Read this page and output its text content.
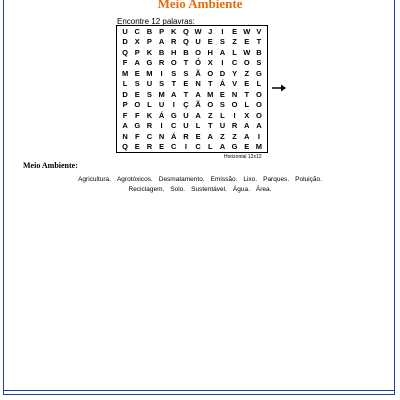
Meio Ambiente
Encontre 12 palavras:
U C B P K Q W J	I	E W V
D X P A R Q U E S Z E T
Q P K B H B O H A L W B
F A G R O T Ó X	I	C O S
M E M	I	S S Ã O D Y Z G
L S U S T E N T Á V E L
D E S M A T A M E N T O
P O L U	I	Ç Ã O S O L O
F	F K Á G U A Z	L	I	X O
A G R	I	C U L	T U R A A
N F C N Á R E A Z	Z A	I
Q E R E C	I	C L A G E M
Horizontal 12x12
Meio Ambiente:
Agricultura. Agrotóxicos. Desmatamento. Emissão. Lixo. Parques. Poluição.
Reciclagem. Solo. Sustentável. Água. Área.
